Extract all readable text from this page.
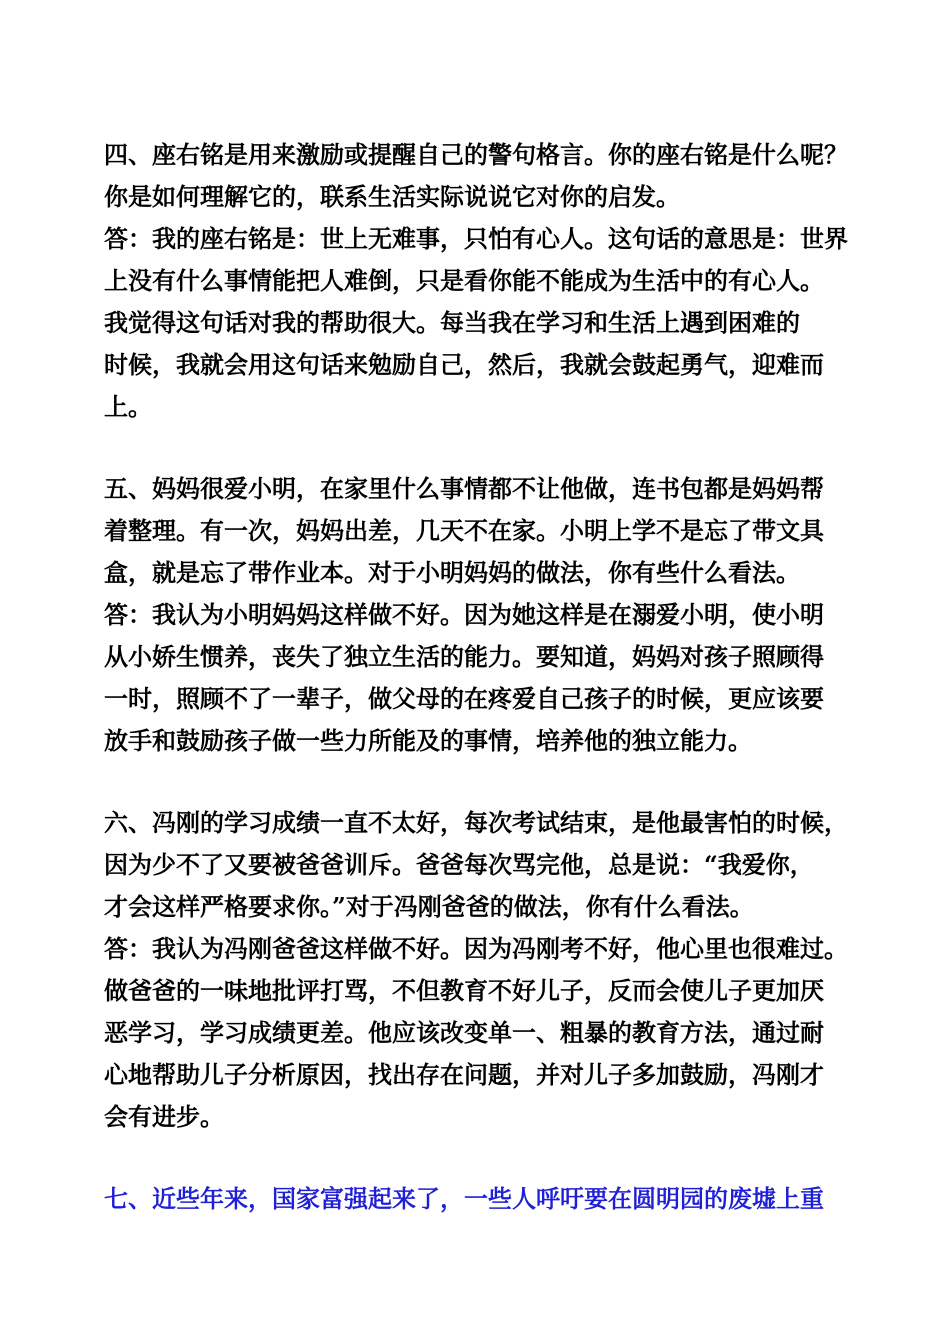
四、座右铭是用来激励或提醒自己的警句格言。你的座右铭是什么呢？
你是如何理解它的，联系生活实际说说它对你的启发。
答：我的座右铭是：世上无难事，只怕有心人。这句话的意思是：世界
上没有什么事情能把人难倒，只是看你能不能成为生活中的有心人。
我觉得这句话对我的帮助很大。每当我在学习和生活上遇到困难的
时候，我就会用这句话来勉励自己，然后，我就会鼓起勇气，迎难而
上。
五、妈妈很爱小明，在家里什么事情都不让他做，连书包都是妈妈帮
着整理。有一次，妈妈出差，几天不在家。小明上学不是忘了带文具
盒，就是忘了带作业本。对于小明妈妈的做法，你有些什么看法。
答：我认为小明妈妈这样做不好。因为她这样是在溺爱小明，使小明
从小娇生惯养，丧失了独立生活的能力。要知道，妈妈对孩子照顾得
一时，照顾不了一辈子，做父母的在疼爱自己孩子的时候，更应该要
放手和鼓励孩子做一些力所能及的事情，培养他的独立能力。
六、冯刚的学习成绩一直不太好，每次考试结束，是他最害怕的时候，
因为少不了又要被爸爸训斥。爸爸每次骂完他，总是说：“我爱你，
才会这样严格要求你。”对于冯刚爸爸的做法，你有什么看法。
答：我认为冯刚爸爸这样做不好。因为冯刚考不好，他心里也很难过。
做爸爸的一味地批评打骂，不但教育不好儿子，反而会使儿子更加厌
恶学习，学习成绩更差。他应该改变单一、粗暴的教育方法，通过耐
心地帮助儿子分析原因，找出存在问题，并对儿子多加鼓励，冯刚才
会有进步。
七、近些年来，国家富强起来了，一些人呼吁要在圆明园的废墟上重
